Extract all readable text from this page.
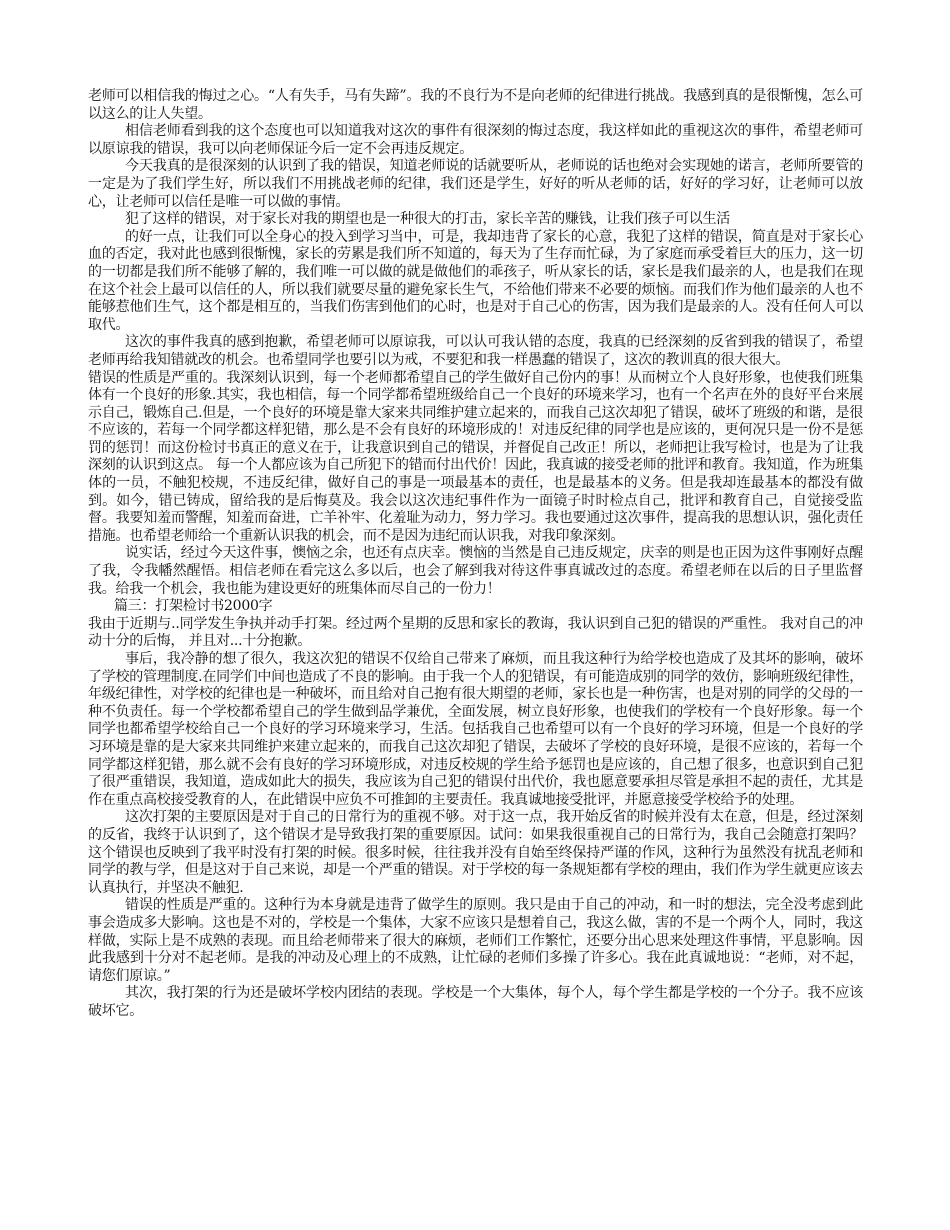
老师可以相信我的悔过之心。“人有失手，马有失蹄”。我的不良行为不是向老师的纪律进行挑战。我感到真的是很惭愧，怎么可以这么的让人失望。

相信老师看到我的这个态度也可以知道我对这次的事件有很深刻的悔过态度，我这样如此的重视这次的事件，希望老师可以原谅我的错误，我可以向老师保证今后一定不会再违反规定。

今天我真的是很深刻的认识到了我的错误，知道老师说的话就要听从，老师说的话也绝对会实现她的诺言，老师所要管的一定是为了我们学生好，所以我们不用挑战老师的纪律，我们还是学生，好好的听从老师的话，好好的学习好，让老师可以放心，让老师可以信任是唯一可以做的事情。

犯了这样的错误，对于家长对我的期望也是一种很大的打击，家长辛苦的赚钱，让我们孩子可以生活

的好一点，让我们可以全身心的投入到学习当中，可是，我却违背了家长的心意，我犯了这样的错误，简直是对于家长心血的否定，我对此也感到很惭愧，家长的劳累是我们所不知道的，每天为了生存而忙碌，为了家庭而承受着巨大的压力，这一切的一切都是我们所不能够了解的，我们唯一可以做的就是做他们的乖孩子，听从家长的话，家长是我们最亲的人，也是我们在现在这个社会上最可以信任的人，所以我们就要尽量的避免家长生气，不给他们带来不必要的烦恼。而我们作为他们最亲的人也不能够惹他们生气，这个都是相互的，当我们伤害到他们的心时，也是对于自己心的伤害，因为我们是最亲的人。没有任何人可以取代。

这次的事件我真的感到抱歉，希望老师可以原谅我，可以认可我认错的态度，我真的已经深刻的反省到我的错误了，希望老师再给我知错就改的机会。也希望同学也要引以为戒，不要犯和我一样愚蠢的错误了，这次的教训真的很大很大。

错误的性质是严重的。我深刻认识到，每一个老师都希望自己的学生做好自己份内的事！从而树立个人良好形象，也使我们班集体有一个良好的形象.其实，我也相信，每一个同学都希望班级给自己一个良好的环境来学习，也有一个名声在外的良好平台来展示自己，锻炼自己.但是，一个良好的环境是靠大家来共同维护建立起来的，而我自己这次却犯了错误，破坏了班级的和谐，是很不应该的，若每一个同学都这样犯错，那么是不会有良好的环境形成的！对违反纪律的同学也是应该的，更何况只是一份不是惩罚的惩罚！而这份检讨书真正的意义在于，让我意识到自己的错误，并督促自己改正！所以，老师把让我写检讨，也是为了让我深刻的认识到这点。 每一个人都应该为自己所犯下的错而付出代价！因此，我真诚的接受老师的批评和教育。我知道，作为班集体的一员，不触犯校规，不违反纪律，做好自己的事是一项最基本的责任，也是最基本的义务。但是我却连最基本的都没有做到。如今，错已铸成，留给我的是后悔莫及。我会以这次违纪事件作为一面镜子时时检点自己，批评和教育自己，自觉接受监督。我要知羞而警醒，知羞而奋进，亡羊补牢、化羞耻为动力，努力学习。我也要通过这次事件，提高我的思想认识，强化责任措施。也希望老师给一个重新认识我的机会，而不是因为违纪而认识我，对我印象深刻。

说实话，经过今天这件事，懊恼之余，也还有点庆幸。懊恼的当然是自己违反规定，庆幸的则是也正因为这件事刚好点醒了我，令我幡然醒悟。相信老师在看完这么多以后，也会了解到我对待这件事真诚改过的态度。希望老师在以后的日子里监督我。给我一个机会，我也能为建设更好的班集体而尽自己的一份力！

篇三：打架检讨书2000字

我由于近期与..同学发生争执并动手打架。经过两个星期的反思和家长的教诲，我认识到自己犯的错误的严重性。 我对自己的冲动十分的后悔， 并且对...十分抱歉。

事后，我冷静的想了很久，我这次犯的错误不仅给自己带来了麻烦，而且我这种行为给学校也造成了及其坏的影响，破坏了学校的管理制度.在同学们中间也造成了不良的影响。由于我一个人的犯错误，有可能造成别的同学的效仿，影响班级纪律性，年级纪律性，对学校的纪律也是一种破坏，而且给对自己抱有很大期望的老师，家长也是一种伤害，也是对别的同学的父母的一种不负责任。每一个学校都希望自己的学生做到品学兼优，全面发展，树立良好形象，也使我们的学校有一个良好形象。每一个同学也都希望学校给自己一个良好的学习环境来学习，生活。包括我自己也希望可以有一个良好的学习环境，但是一个良好的学习环境是靠的是大家来共同维护来建立起来的，而我自己这次却犯了错误，去破坏了学校的良好环境，是很不应该的，若每一个同学都这样犯错，那么就不会有良好的学习环境形成，对违反校规的学生给予惩罚也是应该的，自己想了很多，也意识到自己犯了很严重错误，我知道，造成如此大的损失，我应该为自己犯的错误付出代价，我也愿意要承担尽管是承担不起的责任，尤其是作在重点高校接受教育的人，在此错误中应负不可推卸的主要责任。我真诚地接受批评，并愿意接受学校给予的处理。

这次打架的主要原因是对于自己的日常行为的重视不够。对于这一点，我开始反省的时候并没有太在意，但是，经过深刻的反省，我终于认识到了，这个错误才是导致我打架的重要原因。试问：如果我很重视自己的日常行为，我自己会随意打架吗？这个错误也反映到了我平时没有打架的时候。很多时候，往往我并没有自始至终保持严谨的作风，这种行为虽然没有扰乱老师和同学的教与学，但是这对于自己来说，却是一个严重的错误。对于学校的每一条规矩都有学校的理由，我们作为学生就更应该去认真执行，并坚决不触犯.

错误的性质是严重的。这种行为本身就是违背了做学生的原则。我只是由于自己的冲动，和一时的想法，完全没考虑到此事会造成多大影响。这也是不对的，学校是一个集体，大家不应该只是想着自己，我这么做，害的不是一个两个人，同时，我这样做，实际上是不成熟的表现。而且给老师带来了很大的麻烦，老师们工作繁忙，还要分出心思来处理这件事情，平息影响。因此我感到十分对不起老师。是我的冲动及心理上的不成熟，让忙碌的老师们多操了许多心。我在此真诚地说：“老师，对不起，请您们原谅。”

其次，我打架的行为还是破坏学校内团结的表现。学校是一个大集体，每个人，每个学生都是学校的一个分子。我不应该破坏它。
